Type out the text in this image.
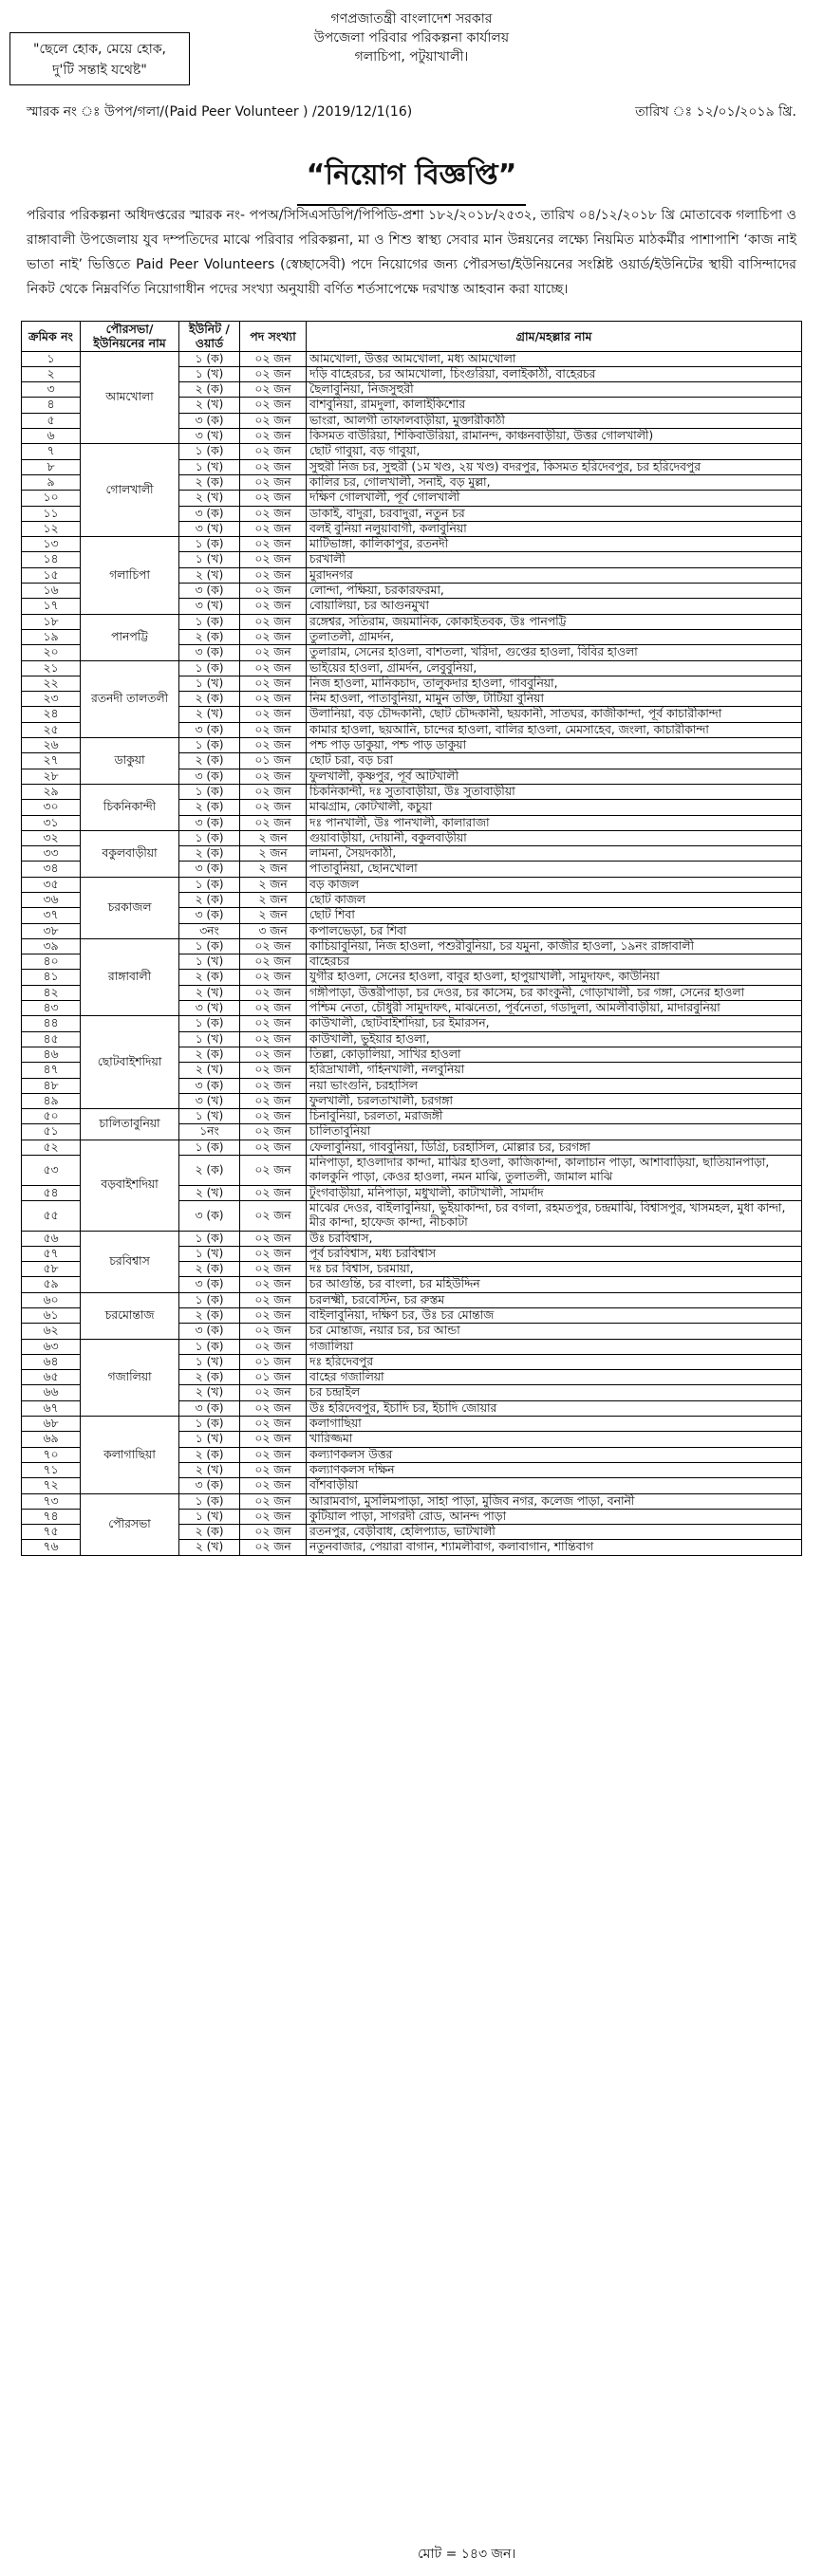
"ছেলে হোক, মেয়ে হোক,
দু'টি সন্তাই যথেষ্ট"
গণপ্রজাতন্ত্রী বাংলাদেশ সরকার
উপজেলা পরিবার পরিকল্পনা কার্যালয়
গলাচিপা, পটুয়াখালী।
স্মারক নং ঃ উপপ/গলা/(Paid Peer Volunteer ) /2019/12/1(16)	তারিখ ঃ ১২/০১/২০১৯ খ্রি.
“নিয়োগ বিজ্ঞপ্তি”
পরিবার পরিকল্পনা অধিদপ্তরের স্মারক নং- পপঅ/সিসিএসডিপি/পিপিডি-প্রশা ১৮২/২০১৮/২৫৩২, তারিখ ০৪/১২/২০১৮ খ্রি মোতাবেক গলাচিপা ও রাঙ্গাবালী উপজেলায় যুব দম্পতিদের মাঝে পরিবার পরিকল্পনা, মা ও শিশু স্বাস্থ্য সেবার মান উন্নয়নের লক্ষ্যে নিয়মিত মাঠকর্মীর পাশাপাশি ‘কাজ নাই ভাতা নাই’ ভিত্তিতে Paid Peer Volunteers (স্বেচ্ছাসেবী) পদে নিয়োগের জন্য পৌরসভা/ইউনিয়নের সংশ্লিষ্ট ওয়ার্ড/ইউনিটের স্থায়ী বাসিন্দাদের নিকট থেকে নিম্নবর্ণিত নিয়োগাধীন পদের সংখ্যা অনুযায়ী বর্ণিত শর্তসাপেক্ষে দরখাস্ত আহবান করা যাচ্ছে।
ক্রমিক নং	পৌরসভা/ ইউনিয়নের নাম	ইউনিট /ওয়ার্ড	পদ সংখ্যা	গ্রাম/মহল্লার নাম
১	আমখোলা	১ (ক)	০২ জন	আমখোলা, উত্তর আমখোলা, মধ্য আমখোলা
২		১ (খ)	০২ জন	দড়ি বাহেরচর, চর আমখোলা, চিংগুরিয়া, বলাইকাঠী, বাহেরচর
৩		২ (ক)	০২ জন	ছৈলাবুনিয়া, নিজসুহুরী
৪		২ (খ)	০২ জন	বাশবুনিয়া, রামদুলা, কালাইকিশোর
৫		৩ (ক)	০২ জন	ভাংরা, আলগী তাফালবাড়ীয়া, মুক্তারীকাঠী
৬		৩ (খ)	০২ জন	কিসমত বাউরিয়া, শিকিবাউরিয়া, রামানন্দ, কাঞ্চনবাড়ীয়া, উত্তর গোলখালী)
৭	গোলখালী	১ (ক)	০২ জন	ছোট গাবুয়া, বড় গাবুয়া,
৮		১ (খ)	০২ জন	সুহুরী নিজ চর, সুহুরী (১ম খণ্ড, ২য় খণ্ড) বদরপুর, কিসমত হরিদেবপুর, চর হরিদেবপুর
৯		২ (ক)	০২ জন	কালির চর, গোলখালী, সনাই, বড় মুল্লা,
১০		২ (খ)	০২ জন	দক্ষিণ গোলখালী, পূর্ব গোলখালী
১১		৩ (ক)	০২ জন	ডাকাই, বাদুরা, চরবাদুরা, নতুন চর
১২		৩ (খ)	০২ জন	বলই বুনিয়া নলুয়াবাগী, কলাবুনিয়া
১৩	গলাচিপা	১ (ক)	০২ জন	মাটিভাঙ্গা, কালিকাপুর, রতনদী
১৪		১ (খ)	০২ জন	চরখালী
১৫		২ (খ)	০২ জন	মুরাদনগর
১৬		৩ (ক)	০২ জন	লোন্দা, পক্ষিয়া, চরকারফরমা,
১৭		৩ (খ)	০২ জন	বোয়ালিয়া, চর আগুনমুখা
১৮	পানপট্টি	১ (ক)	০২ জন	রঙ্গেশ্বর, সতিরাম, জয়মানিক, কোকাইতবক, উঃ পানপট্টি
১৯		২ (ক)	০২ জন	তুলাতলী, গ্রামর্দন,
২০		৩ (ক)	০২ জন	তুলারাম, সেনের হাওলা, বাশতলা, খরিদা, গুপ্তের হাওলা, বিবির হাওলা
২১	রতনদী তালতলী	১ (ক)	০২ জন	ভাইয়ের হাওলা, গ্রামর্দন, লেবুবুনিয়া,
২২		১ (খ)	০২ জন	নিজ হাওলা, মানিকচাদ, তালুকদার হাওলা, গাববুনিয়া,
২৩		২ (ক)	০২ জন	নিম হাওলা, পাতাবুনিয়া, মামুন তক্তি, টাটিয়া বুনিয়া
২৪		২ (খ)	০২ জন	উলানিয়া, বড় চৌদ্দকানী, ছোট চৌদ্দকানী, ছয়কানী, সাতঘর, কাজীকান্দা, পূর্ব কাচারীকান্দা
২৫		৩ (ক)	০২ জন	কামার হাওলা, ছয়আনি, চান্দের হাওলা, বালির হাওলা, মেমসাহেব, জংলা, কাচারীকান্দা
২৬	ডাকুয়া	১ (ক)	০২ জন	পশ্চ পাড় ডাকুয়া, পশ্চ পাড় ডাকুয়া
২৭		২ (ক)	০১ জন	ছোট চরা, বড় চরা
২৮		৩ (ক)	০২ জন	ফুলখালী, কৃষ্ণপুর, পূর্ব আটখালী
২৯	চিকনিকান্দী	১ (ক)	০২ জন	চিকনিকান্দী, দঃ সুতাবাড়ীয়া, উঃ সুতাবাড়ীয়া
৩০		২ (ক)	০২ জন	মাঝগ্রাম, কোটখালী, কচুয়া
৩১		৩ (ক)	০২ জন	দঃ পানখালী, উঃ পানখালী, কালারাজা
৩২	বকুলবাড়ীয়া	১ (ক)	২ জন	গুয়াবাড়ীয়া, দোয়ানী, বকুলবাড়ীয়া
৩৩		২ (ক)	২ জন	লামনা, সৈয়দকাঠী,
৩৪		৩ (ক)	২ জন	পাতাবুনিয়া, ছোনখোলা
৩৫	চরকাজল	১ (ক)	২ জন	বড় কাজল
৩৬		২ (ক)	২ জন	ছোট কাজল
৩৭		৩ (ক)	২ জন	ছোট শিবা
৩৮		৩নং	৩ জন	কপালভেড়া, চর শিবা
৩৯	রাঙ্গাবালী	১ (ক)	০২ জন	কাচিয়াবুনিয়া, নিজ হাওলা, পশুরীবুনিয়া, চর যমুনা, কাজীর হাওলা, ১৯নং রাঙ্গাবালী
৪০		১ (খ)	০২ জন	বাহেরচর
৪১		২ (ক)	০২ জন	যুগীর হাওলা, সেনের হাওলা, বাবুর হাওলা, হাপুয়াখালী, সামুদাফৎ, কাউনিয়া
৪২		২ (খ)	০২ জন	গঙ্গীপাড়া, উত্তরীপাড়া, চর দেওর, চর কাসেম, চর কাংকুনী, গোড়াখালী, চর গঙ্গা, সেনের হাওলা
৪৩		৩ (খ)	০২ জন	পশ্চিম নেতা, চৌধুরী সামুদাফৎ, মাঝনেতা, পূর্বনেতা, গডাদুলা, আমলীবাড়ীয়া, মাদারবুনিয়া
৪৪	ছোটবাইশদিয়া	১ (ক)	০২ জন	কাউখালী, ছোটবাইশদিয়া, চর ইমারসন,
৪৫		১ (খ)	০২ জন	কাউখালী, ভুইয়ার হাওলা,
৪৬		২ (ক)	০২ জন	তিল্লা, কোড়ালিয়া, সাখির হাওলা
৪৭		২ (খ)	০২ জন	হরিদ্রাখালী, গহিনখালী, নলবুনিয়া
৪৮		৩ (ক)	০২ জন	নয়া ভাংগুনি, চরহাসিল
৪৯		৩ (খ)	০২ জন	ফুলখালী, চরলতাখালী, চরগঙ্গা
৫০	চালিতাবুনিয়া	১ (খ)	০২ জন	চিনাবুনিয়া, চরলতা, মরাজঙ্গী
৫১		১নং	০২ জন	চালিতাবুনিয়া
৫২	বড়বাইশদিয়া	১ (ক)	০২ জন	ফেলাবুনিয়া, গাববুনিয়া, ডিগ্রি, চরহাসিল, মোল্লার চর, চরগঙ্গা
৫৩		২ (ক)	০২ জন	মনিপাড়া, হাওলাদার কান্দা, মাঝির হাওলা, কাজিকান্দা, কালাচান পাড়া, আশাবাড়িয়া, ছাতিয়ানপাড়া, কালকুনি পাড়া, কেওর হাওলা, নমন মাঝি, তুলাতলী, জামাল মাঝি
৫৪		২ (খ)	০২ জন	টুংগবাড়ীয়া, মনিপাড়া, মধুখালী, কাটাখালী, সামর্দাদ
৫৫		৩ (ক)	০২ জন	মাঝের দেওর, বাইলাবুনিয়া, ভুইয়াকান্দা, চর বগলা, রহমতপুর, চন্দ্রমাঝি, বিশ্বাসপুর, খাসমহল, মুধা কান্দা, মীর কান্দা, হাফেজ কান্দা, নীচকাটা
৫৬	চরবিশ্বাস	১ (ক)	০২ জন	উঃ চরবিশ্বাস,
৫৭		১ (খ)	০২ জন	পূর্ব চরবিশ্বাস, মধ্য চরবিশ্বাস
৫৮		২ (ক)	০২ জন	দঃ চর বিশ্বাস, চরমায়া,
৫৯		৩ (ক)	০২ জন	চর আগুন্তি, চর বাংলা, চর মহিউদ্দিন
৬০	চরমোন্তাজ	১ (ক)	০২ জন	চরলক্ষ্মী, চরবেস্টিন, চর রুস্তম
৬১		২ (ক)	০২ জন	বাইলাবুনিয়া, দক্ষিণ চর, উঃ চর মোন্তাজ
৬২		৩ (ক)	০২ জন	চর মোন্তাজ, নয়ার চর, চর আন্ডা
৬৩	গজালিয়া	১ (ক)	০২ জন	গজালিয়া
৬৪		১ (খ)	০১ জন	দঃ হরিদেবপুর
৬৫		২ (ক)	০১ জন	বাহের গজালিয়া
৬৬		২ (খ)	০২ জন	চর চন্দ্রাইল
৬৭		৩ (ক)	০২ জন	উঃ হরিদেবপুর, ইচাদি চর, ইচাদি জোয়ার
৬৮	কলাগাছিয়া	১ (ক)	০২ জন	কলাগাছিয়া
৬৯		১ (খ)	০২ জন	খারিজ্জমা
৭০		২ (ক)	০২ জন	কল্যাণকলস উত্তর
৭১		২ (খ)	০২ জন	কল্যাণকলস দক্ষিন
৭২		৩ (ক)	০২ জন	বাঁশবাড়ীয়া
৭৩	পৌরসভা	১ (ক)	০২ জন	আরামবাগ, মুসলিমপাড়া, সাহা পাড়া, মুজিব নগর, কলেজ পাড়া, বনানী
৭৪		১ (খ)	০২ জন	কুটিয়াল পাড়া, সাগরদী রোড, আনন্দ পাড়া
৭৫		২ (ক)	০২ জন	রতনপুর, বেড়ীবাধ, হেলিপ্যাড, ভাটখালী
৭৬		২ (খ)	০২ জন	নতুনবাজার, পেয়ারা বাগান, শ্যামলীবাগ, কলাবাগান, শান্তিবাগ
মোট = ১৪৩ জন।
